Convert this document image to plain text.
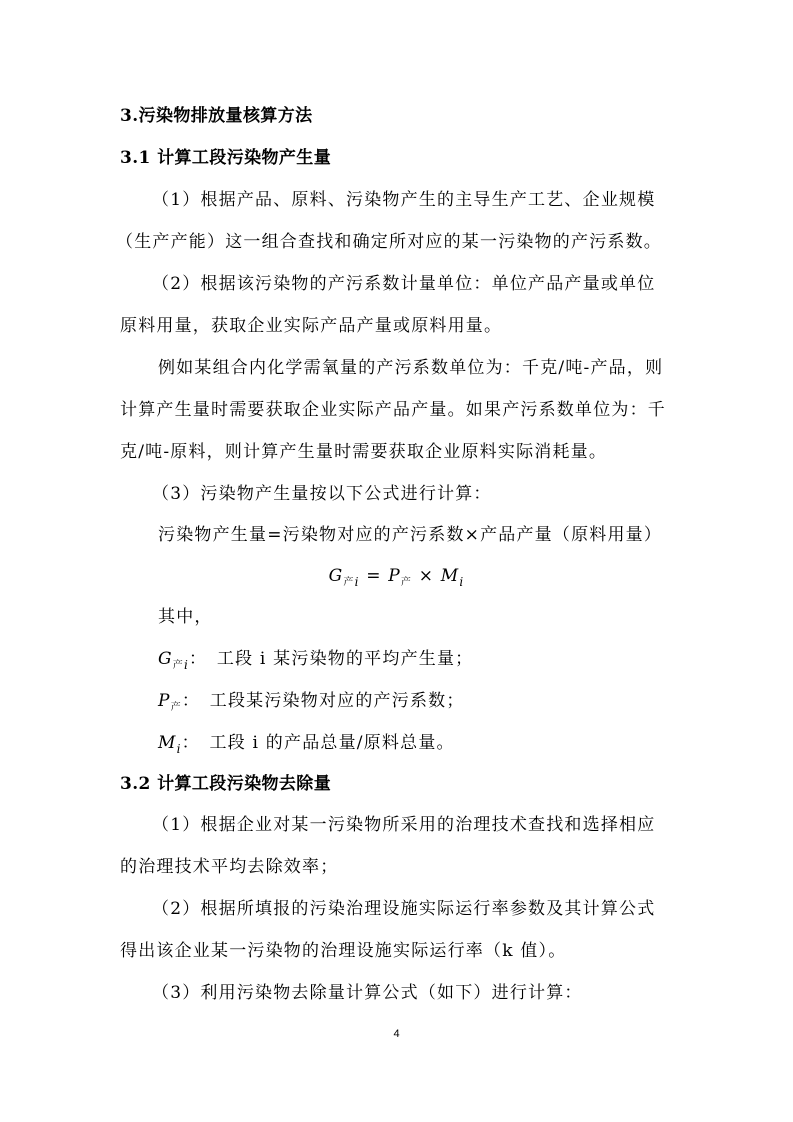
3.污染物排放量核算方法
3.1 计算工段污染物产生量
（1）根据产品、原料、污染物产生的主导生产工艺、企业规模
（生产产能）这一组合查找和确定所对应的某一污染物的产污系数。
（2）根据该污染物的产污系数计量单位：单位产品产量或单位
原料用量，获取企业实际产品产量或原料用量。
例如某组合内化学需氧量的产污系数单位为：千克/吨-产品，则
计算产生量时需要获取企业实际产品产量。如果产污系数单位为：千
克/吨-原料，则计算产生量时需要获取企业原料实际消耗量。
（3）污染物产生量按以下公式进行计算：
污染物产生量=污染物对应的产污系数×产品产量（原料用量）
$G_{产i} = P_产 \times M_i$
其中，
$G_{产i}$：　工段 i 某污染物的平均产生量；
$P_产$：　工段某污染物对应的产污系数；
$M_i$：　工段 i 的产品总量/原料总量。
3.2 计算工段污染物去除量
（1）根据企业对某一污染物所采用的治理技术查找和选择相应
的治理技术平均去除效率；
（2）根据所填报的污染治理设施实际运行率参数及其计算公式
得出该企业某一污染物的治理设施实际运行率（k 值）。
（3）利用污染物去除量计算公式（如下）进行计算：
4
